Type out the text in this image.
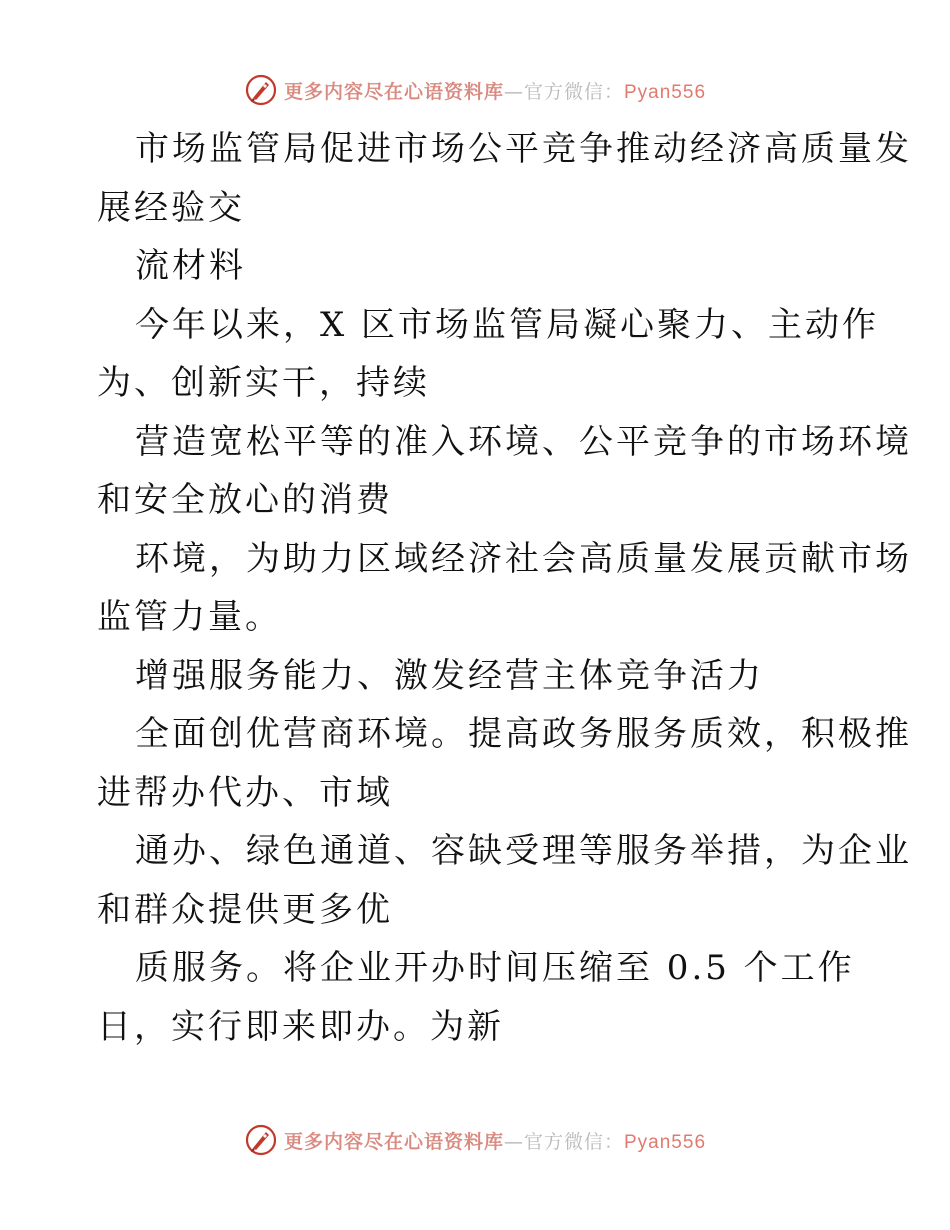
更多内容尽在心语资料库—官方微信：Pyan556
市场监管局促进市场公平竞争推动经济高质量发
展经验交
流材料
今年以来，X 区市场监管局凝心聚力、主动作
为、创新实干，持续
营造宽松平等的准入环境、公平竞争的市场环境
和安全放心的消费
环境，为助力区域经济社会高质量发展贡献市场
监管力量。
增强服务能力、激发经营主体竞争活力
全面创优营商环境。提高政务服务质效，积极推
进帮办代办、市域
通办、绿色通道、容缺受理等服务举措，为企业
和群众提供更多优
质服务。将企业开办时间压缩至 0.5 个工作
日，实行即来即办。为新
更多内容尽在心语资料库—官方微信：Pyan556
